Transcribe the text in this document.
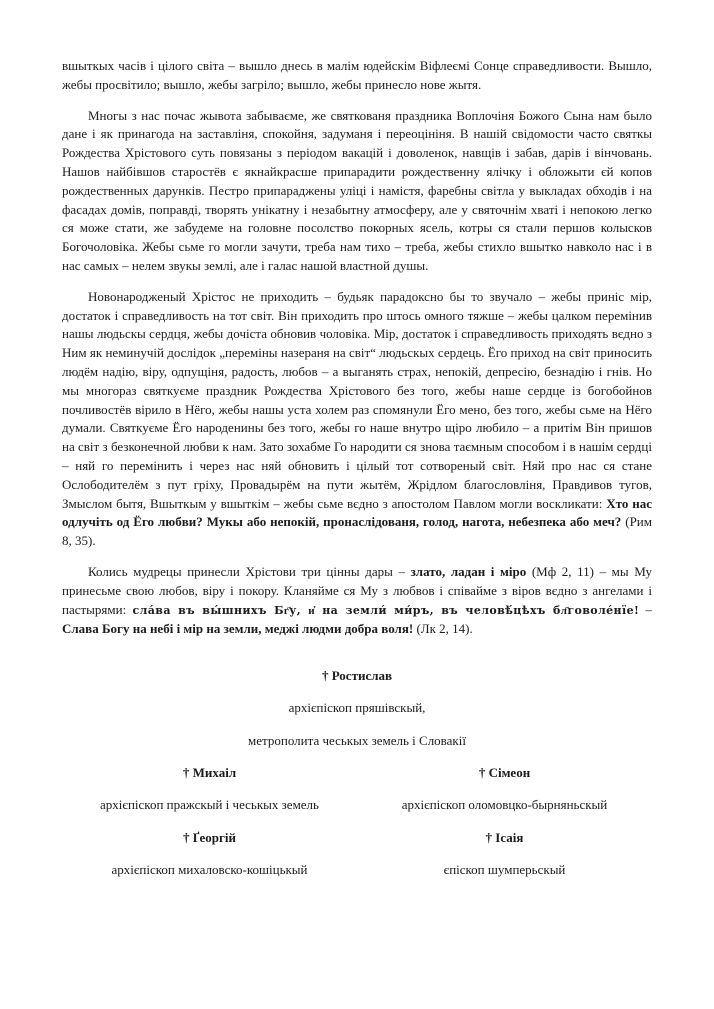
вшыткых часів і цілого світа – вышло днесь в малім юдейскім Віфлеємі Сонце справедливости. Вышло, жебы просвітило; вышло, жебы загріло; вышло, жебы принесло нове жытя.

Многы з нас почас жывота забываєме, же святкованя праздника Воплочіня Божого Сына нам было дане і як принагода на заставліня, спокойня, задуманя і переоцініня. В нашій свідомости часто святкы Рождества Хрістового суть повязаны з періодом вакацій і доволенок, навщів і забав, дарів і вінчовань. Нашов найбівшов старостёв є якнайкрасше припарадити рождественну ялічку і обложыти єй копов рождественных дарунків. Пестро припараджены уліці і намістя, фаребны світла у выкладах обходів і на фасадах домів, поправді, творять унікатну і незабытну атмосферу, але у святочнім хваті і непокою легко ся може стати, же забудеме на головне посолство покорных ясель, котры ся стали першов колысков Богочоловіка. Жебы сьме го могли зачути, треба нам тихо – треба, жебы стихло вшытко навколо нас і в нас самых – нелем звукы землі, але і галас нашой властной душы.

Новонародженый Хрістос не приходить – будьяк парадоксно бы то звучало – жебы приніс мір, достаток і справедливость на тот світ. Він приходить про штось омного тяжше – жебы цалком перемінив нашы людьскы сердця, жебы дочіста обновив чоловіка. Мір, достаток і справедливость приходять вєдно з Ним як неминучій дослідок „переміны назераня на світ“ людьскых сердець. Ёго приход на світ приносить людём надію, віру, одпущіня, радость, любов – а выганять страх, непокій, депресію, безнадію і гнів. Но мы многораз святкуєме праздник Рождества Хрістового без того, жебы наше сердце із богобойнов почливостёв вірило в Нёго, жебы нашы уста холем раз спомянули Ёго мено, без того, жебы сьме на Нёго думали. Святкуєме Ёго народенины без того, жебы го наше внутро щіро любило – а притім Він пришов на світ з безконечной любви к нам. Зато зохабме Го народити ся знова таємным способом і в нашім сердці – няй го перемінить і через нас няй обновить і цілый тот сотвореный світ. Няй про нас ся стане Ослободителём з пут гріху, Провадырём на пути жытём, Жрідлом благословліня, Правдивов тугов, Змыслом бытя, Вшыткым у вшыткім – жебы сьме вєдно з апостолом Павлом могли воскликати: Хто нас одлучіть од Ёго любви? Мукы або непокій, пронаслідованя, голод, нагота, небезпека або меч? (Рим 8, 35).

Колись мудрецы принесли Хрістови три цінны дары – злато, ладан і міро (Мф 2, 11) – мы Му принесьме свою любов, віру і покору. Кланяйме ся Му з любвов і співайме з віров вєдно з ангелами і пастырями: сла́ва въ вы́шнихъ Бг҃у, и҆ на земли́ ми́ръ, въ человѣ́цѣхъ бл҃говоле́нїе! – Слава Богу на небі і мір на земли, меджі людми добра воля! (Лк 2, 14).

† Ростислав
архієпіскоп пряшівскый,
метрополита чеськых земель і Словакії
† Михаіл
архієпіскоп пражскый і чеськых земель
† Сімеон
архієпіскоп оломовцко-бырняньскый
† Ґеоргій
архієпіскоп михаловско-кошіцькый
† Ісаія
єпіскоп шумперьскый
